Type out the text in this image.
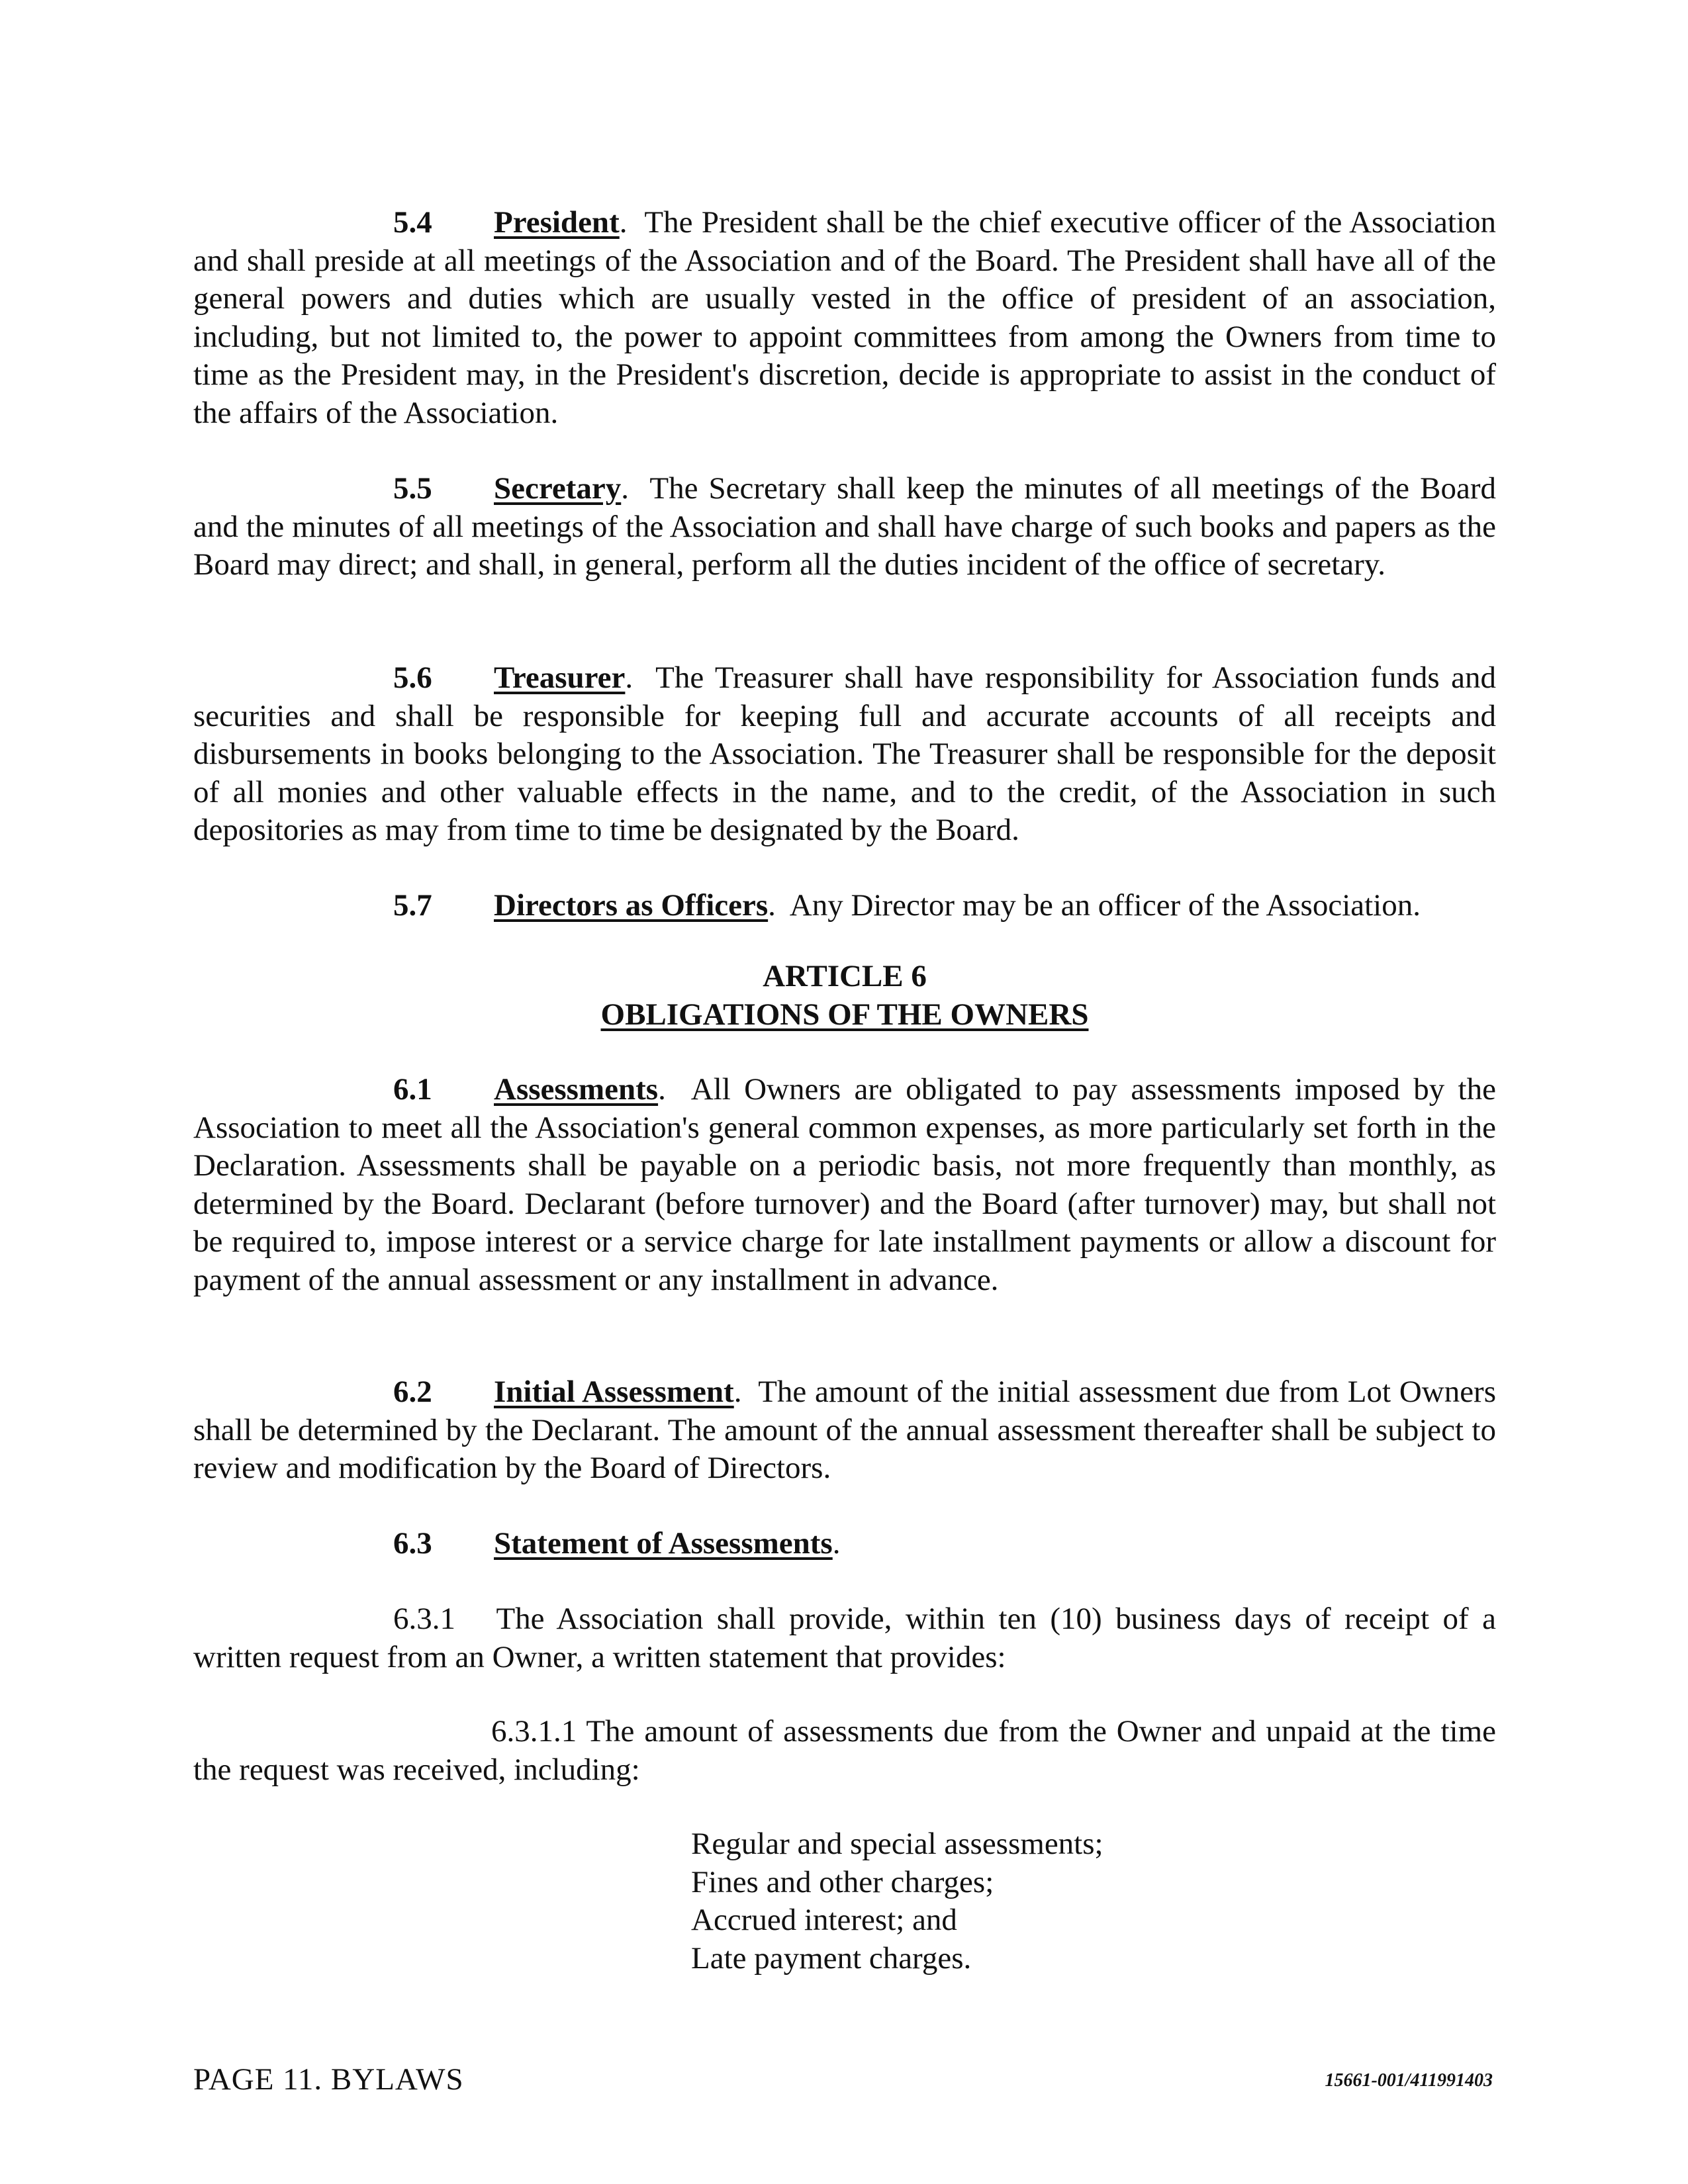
5.4 President.  The President shall be the chief executive officer of the Association and shall preside at all meetings of the Association and of the Board. The President shall have all of the general powers and duties which are usually vested in the office of president of an association, including, but not limited to, the power to appoint committees from among the Owners from time to time as the President may, in the President's discretion, decide is appropriate to assist in the conduct of the affairs of the Association.

5.5 Secretary.  The Secretary shall keep the minutes of all meetings of the Board and the minutes of all meetings of the Association and shall have charge of such books and papers as the Board may direct; and shall, in general, perform all the duties incident of the office of secretary.

5.6 Treasurer.  The Treasurer shall have responsibility for Association funds and securities and shall be responsible for keeping full and accurate accounts of all receipts and disbursements in books belonging to the Association. The Treasurer shall be responsible for the deposit of all monies and other valuable effects in the name, and to the credit, of the Association in such depositories as may from time to time be designated by the Board.

5.7 Directors as Officers.  Any Director may be an officer of the Association.
ARTICLE 6
OBLIGATIONS OF THE OWNERS

6.1 Assessments.  All Owners are obligated to pay assessments imposed by the Association to meet all the Association's general common expenses, as more particularly set forth in the Declaration. Assessments shall be payable on a periodic basis, not more frequently than monthly, as determined by the Board. Declarant (before turnover) and the Board (after turnover) may, but shall not be required to, impose interest or a service charge for late installment payments or allow a discount for payment of the annual assessment or any installment in advance.

6.2 Initial Assessment.  The amount of the initial assessment due from Lot Owners shall be determined by the Declarant. The amount of the annual assessment thereafter shall be subject to review and modification by the Board of Directors.

6.3 Statement of Assessments.

6.3.1 The Association shall provide, within ten (10) business days of receipt of a written request from an Owner, a written statement that provides:

6.3.1.1 The amount of assessments due from the Owner and unpaid at the time the request was received, including:

Regular and special assessments;
Fines and other charges;
Accrued interest; and
Late payment charges.
PAGE 11. BYLAWS	15661-001/411991403
